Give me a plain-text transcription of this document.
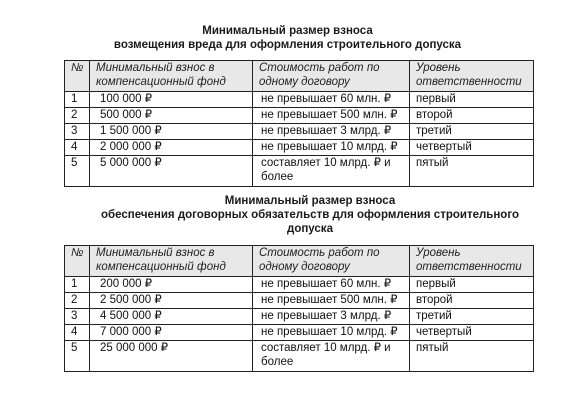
Минимальный размер взноса
возмещения вреда для оформления строительного допуска
№	Минимальный взнос в компенсационный фонд	Стоимость работ по одному договору	Уровень ответственности
1	100 000 ₽	не превышает 60 млн. ₽	первый
2	500 000 ₽	не превышает 500 млн. ₽	второй
3	1 500 000 ₽	не превышает 3 млрд. ₽	третий
4	2 000 000 ₽	не превышает 10 млрд. ₽	четвертый
5	5 000 000 ₽	составляет 10 млрд. ₽ и более	пятый
Минимальный размер взноса
обеспечения договорных обязательств для оформления строительного допуска
№	Минимальный взнос в компенсационный фонд	Стоимость работ по одному договору	Уровень ответственности
1	200 000 ₽	не превышает 60 млн. ₽	первый
2	2 500 000 ₽	не превышает 500 млн. ₽	второй
3	4 500 000 ₽	не превышает 3 млрд. ₽	третий
4	7 000 000 ₽	не превышает 10 млрд. ₽	четвертый
5	25 000 000 ₽	составляет 10 млрд. ₽ и более	пятый
